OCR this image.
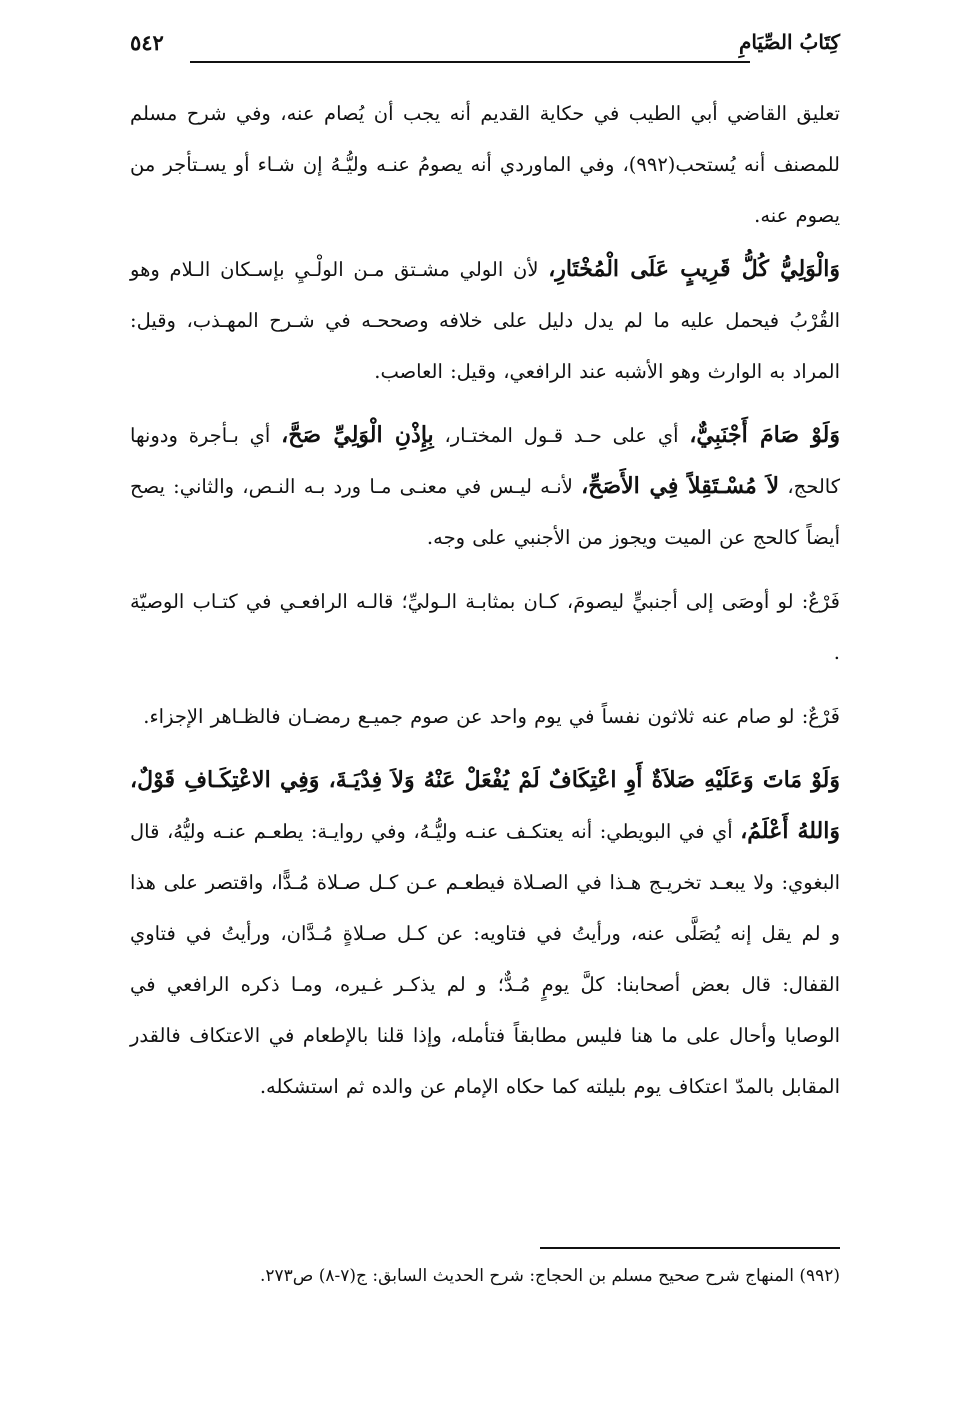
كِتَابُ الصِّيَامِ
٥٤٢

تعليق القاضي أبي الطيب في حكاية القديم أنه يجب أن يُصام عنه، وفي شرح مسلم للمصنف أنه يُستحب(٩٩٢)، وفي الماوردي أنه يصومُ عنـه وليُّـهُ إن شـاء أو يسـتأجر من يصوم عنه.

وَالْوَلِيُّ كُلُّ قَرِيبٍ عَلَى الْمُخْتَارِ، لأن الولي مشـتق مـن الولْـيِ بإسـكان الـلام وهو القُرْبُ فيحمل عليه ما لم يدل دليل على خلافه وصححـه في شـرح المهـذب، وقيل: المراد به الوارث وهو الأشبه عند الرافعي، وقيل: العاصب.

وَلَوْ صَامَ أَجْنَبِيٌّ، أي على حـد قـول المختـار، بِإِذْنِ الْوَلِيِّ صَحَّ، أي بـأجرة ودونها كالحج، لاَ مُسْـتَقِلاً فِي الأَصَحِّ، لأنـه ليـس في معنـى مـا ورد بـه النـص، والثاني: يصح أيضاً كالحج عن الميت ويجوز من الأجنبي على وجه.

فَرْعٌ: لو أوصَى إلى أجنبيٍّ ليصومَ، كـان بمثابـة الـوليِّ؛ قالـه الرافعـي في كتـاب الوصيّة .

فَرْعٌ: لو صام عنه ثلاثون نفساً في يوم واحد عن صوم جميـع رمضـان فالظـاهر الإجزاء.

وَلَوْ مَاتَ وَعَلَيْهِ صَلاَةٌ أَوِ اعْتِكَافٌ لَمْ يُفْعَلْ عَنْهُ وَلاَ فِدْيَـةَ، وَفِي الاعْتِكَـافِ قَوْلٌ، وَاللهُ أَعْلَمُ، أي في البويطي: أنه يعتكـف عنـه وليُّـهُ، وفي روايـة: يطعـم عنـه وليُّهُ، قال البغوي: ولا يبعـد تخريـج هـذا في الصـلاة فيطعـم عـن كـل صـلاة مُـدًّا، واقتصر على هذا و لم يقل إنه يُصَلَّى عنه، ورأيتُ في فتاويه: عن كـل صـلاةٍ مُـدَّان، ورأيتُ في فتاوي القفال: قال بعض أصحابنا: كلَّ يومٍ مُـدٌّ؛ و لم يذكـر غـيره، ومـا ذكره الرافعي في الوصايا وأحال على ما هنا فليس مطابقاً فتأمله، وإذا قلنا بالإطعام في الاعتكاف فالقدر المقابل بالمدّ اعتكاف يوم بليلته كما حكاه الإمام عن والده ثم استشكله.

(٩٩٢) المنهاج شرح صحيح مسلم بن الحجاج: شرح الحديث السابق: ج(٧-٨) ص٢٧٣.
